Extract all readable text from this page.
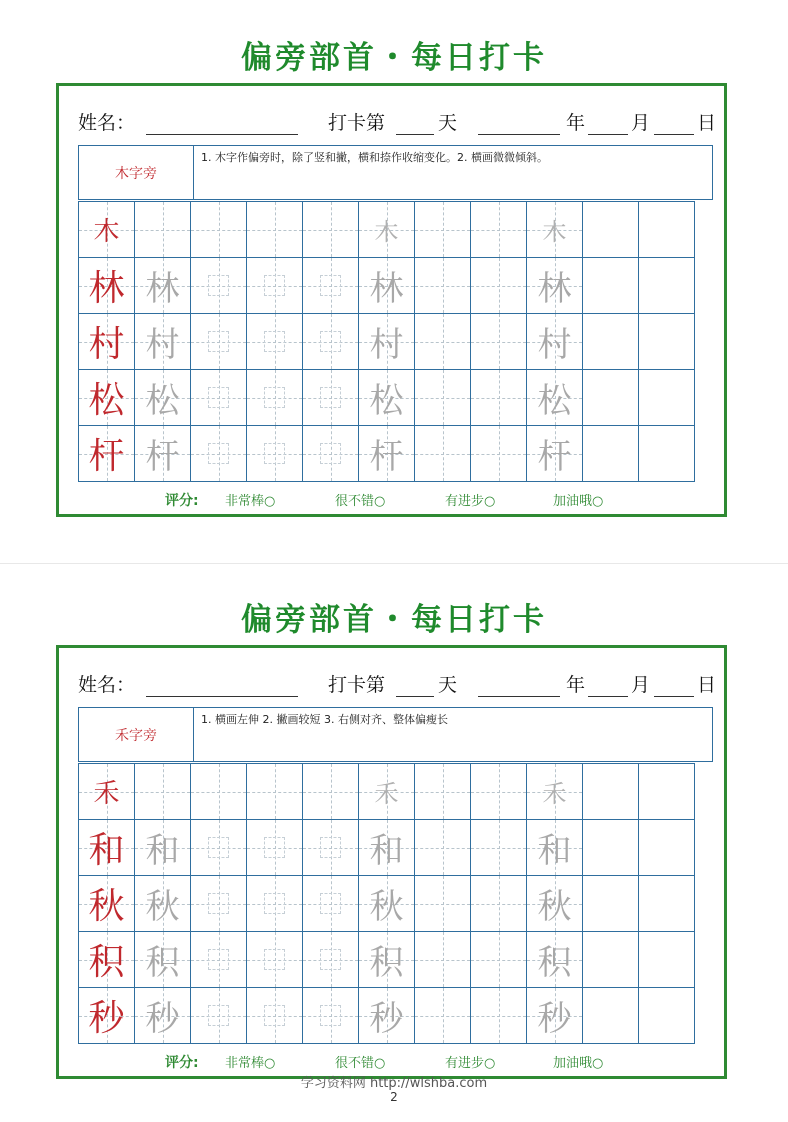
偏旁部首・每日打卡
姓名：	打卡第	天	年 月 日
木字旁
1. 木字作偏旁时，除了竖和撇，横和捺作收缩变化。2. 横画微微倾斜。
木	木	木
林 林	林	林
村 村	村	村
松 松	松	松
杆 杆	杆	杆
评分: 非常棒○	很不错○	有进步○	加油哦○
偏旁部首・每日打卡
姓名：	打卡第	天	年 月 日
禾字旁
1. 横画左伸 2. 撇画较短 3. 右侧对齐、整体偏瘦长
禾	禾	禾
和 和	和	和
秋 秋	秋	秋
积 积	积	积
秒 秒	秒	秒
评分: 非常棒○	很不错○	有进步○	加油哦○
学习资料网 http://wlshba.com
2
